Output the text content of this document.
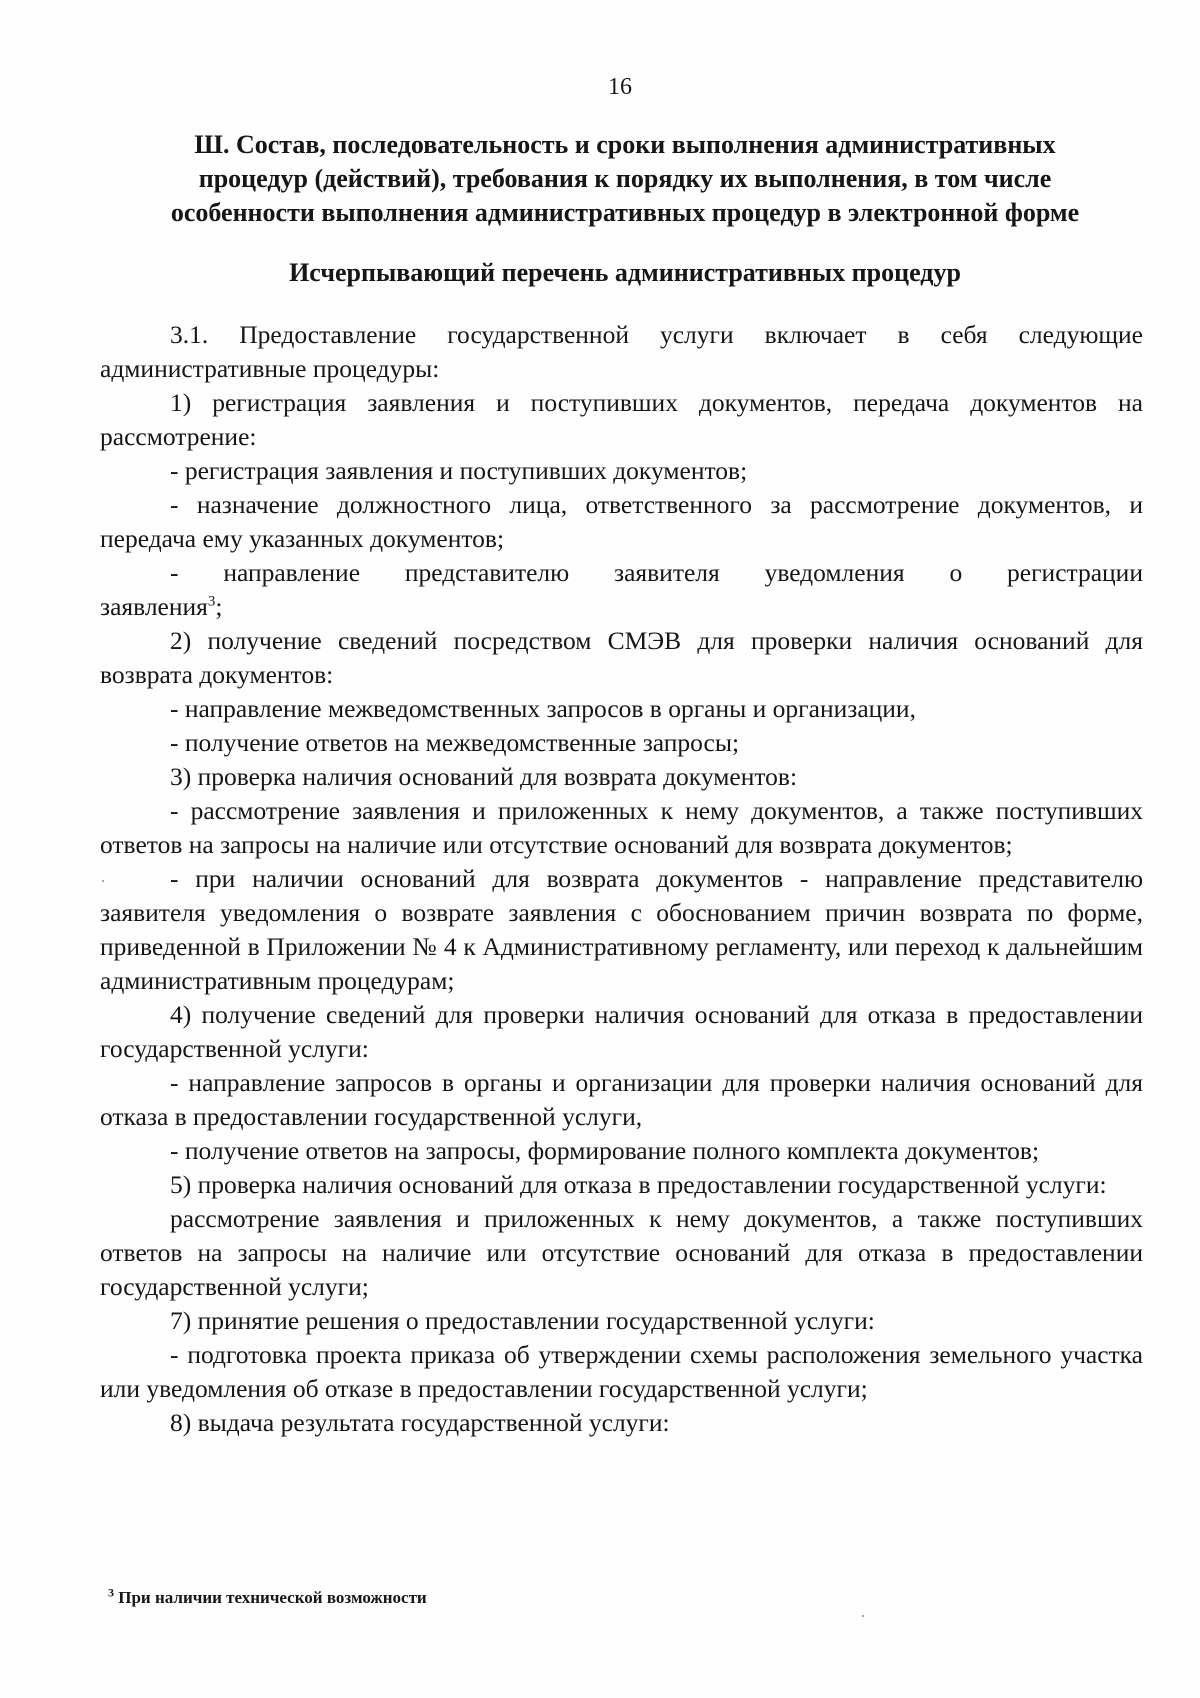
16
Ш. Состав, последовательность и сроки выполнения административных
процедур (действий), требования к порядку их выполнения, в том числе
особенности выполнения административных процедур в электронной форме
Исчерпывающий перечень административных процедур

3.1. Предоставление государственной услуги включает в себя следующие административные процедуры:

1) регистрация заявления и поступивших документов, передача документов на рассмотрение:

- регистрация заявления и поступивших документов;

- назначение должностного лица, ответственного за рассмотрение документов, и передача ему указанных документов;

- направление представителю заявителя уведомления о регистрации

заявления$^3$;

2) получение сведений посредством СМЭВ для проверки наличия оснований для возврата документов:

- направление межведомственных запросов в органы и организации,

- получение ответов на межведомственные запросы;

3) проверка наличия оснований для возврата документов:

- рассмотрение заявления и приложенных к нему документов, а также поступивших ответов на запросы на наличие или отсутствие оснований для возврата документов;

- при наличии оснований для возврата документов - направление представителю заявителя уведомления о возврате заявления с обоснованием причин возврата по форме, приведенной в Приложении № 4 к Административному регламенту, или переход к дальнейшим административным процедурам;

4) получение сведений для проверки наличия оснований для отказа в предоставлении государственной услуги:

- направление запросов в органы и организации для проверки наличия оснований для отказа в предоставлении государственной услуги,

- получение ответов на запросы, формирование полного комплекта документов;

5) проверка наличия оснований для отказа в предоставлении государственной услуги:

рассмотрение заявления и приложенных к нему документов, а также поступивших ответов на запросы на наличие или отсутствие оснований для отказа в предоставлении государственной услуги;

7) принятие решения о предоставлении государственной услуги:

- подготовка проекта приказа об утверждении схемы расположения земельного участка или уведомления об отказе в предоставлении государственной услуги;

8) выдача результата государственной услуги:

$^3$ При наличии технической возможности
